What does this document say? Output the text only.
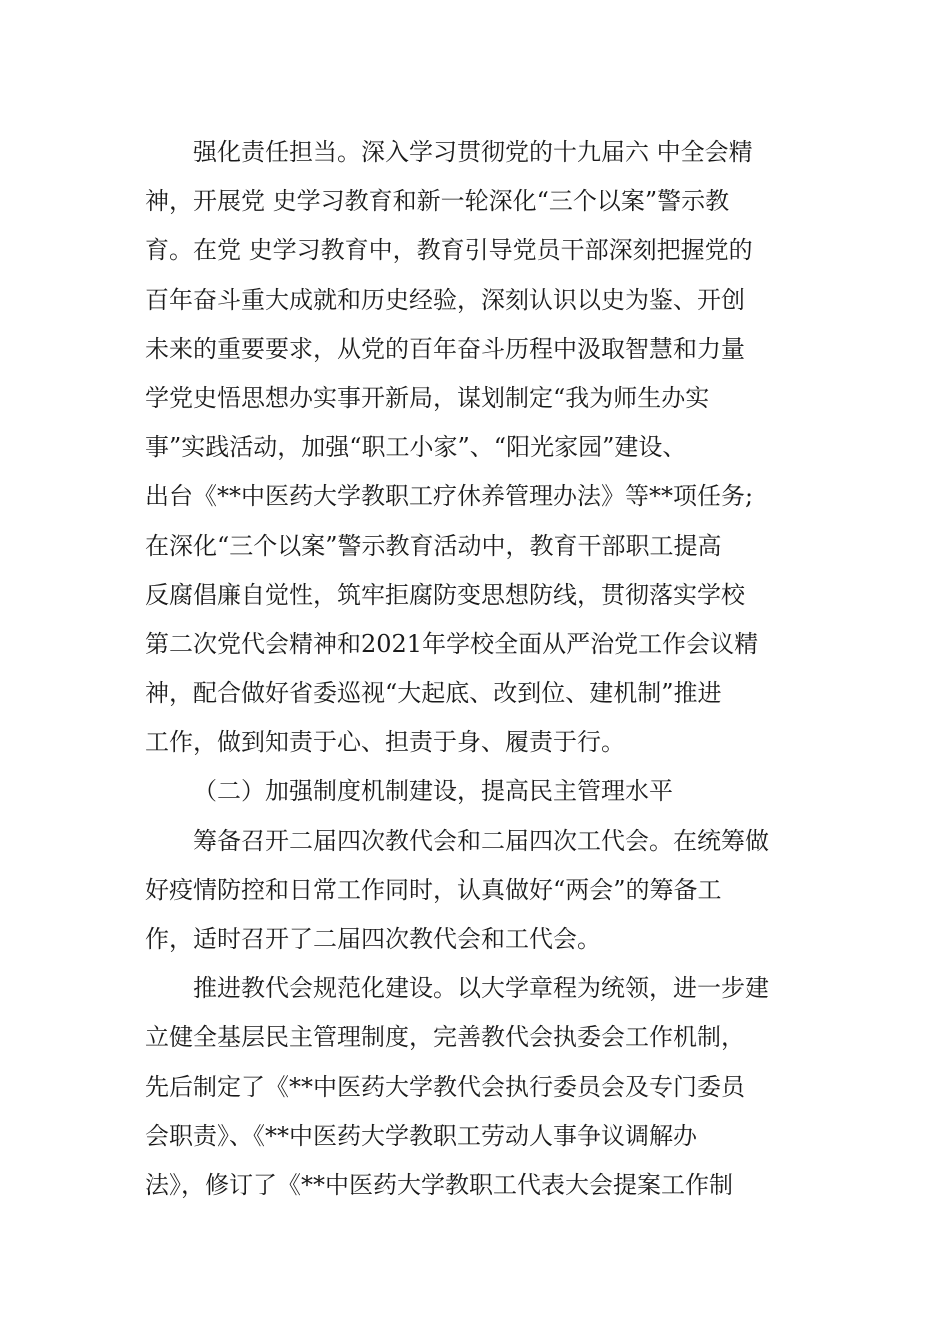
强化责任担当。深入学习贯彻党的十九届六 中全会精
神，开展党 史学习教育和新一轮深化“三个以案”警示教
育。在党 史学习教育中，教育引导党员干部深刻把握党的
百年奋斗重大成就和历史经验，深刻认识以史为鉴、开创
未来的重要要求，从党的百年奋斗历程中汲取智慧和力量
学党史悟思想办实事开新局，谋划制定“我为师生办实
事”实践活动，加强“职工小家”、“阳光家园”建设、
出台《**中医药大学教职工疗休养管理办法》等**项任务;
在深化“三个以案”警示教育活动中，教育干部职工提高
反腐倡廉自觉性，筑牢拒腐防变思想防线，贯彻落实学校
第二次党代会精神和2021年学校全面从严治党工作会议精
神，配合做好省委巡视“大起底、改到位、建机制”推进
工作，做到知责于心、担责于身、履责于行。
（二）加强制度机制建设，提高民主管理水平
筹备召开二届四次教代会和二届四次工代会。在统筹做
好疫情防控和日常工作同时，认真做好“两会”的筹备工
作，适时召开了二届四次教代会和工代会。
推进教代会规范化建设。以大学章程为统领，进一步建
立健全基层民主管理制度，完善教代会执委会工作机制，
先后制定了《**中医药大学教代会执行委员会及专门委员
会职责》、《**中医药大学教职工劳动人事争议调解办
法》，修订了《**中医药大学教职工代表大会提案工作制
